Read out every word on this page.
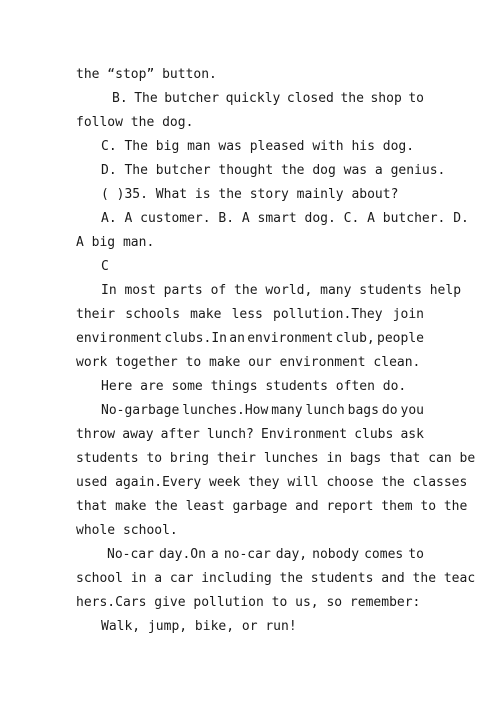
the “stop” button.
B. The butcher quickly closed the shop to
follow the dog.
C. The big man was pleased with his dog.
D. The butcher thought the dog was a genius.
( )35. What is the story mainly about?
A. A customer. B. A smart dog. C. A butcher. D.
A big man.
C
In most parts of the world, many students help
their schools make less pollution.They join
environment clubs.In an environment club, people
work together to make our environment clean.
Here are some things students often do.
No-garbage lunches.How many lunch bags do you
throw away after lunch? Environment clubs ask
students to bring their lunches in bags that can be
used again.Every week they will choose the classes
that make the least garbage and report them to the
whole school.
No-car day.On a no-car day, nobody comes to
school in a car including the students and the teac
hers.Cars give pollution to us, so remember:
Walk, jump, bike, or run!
